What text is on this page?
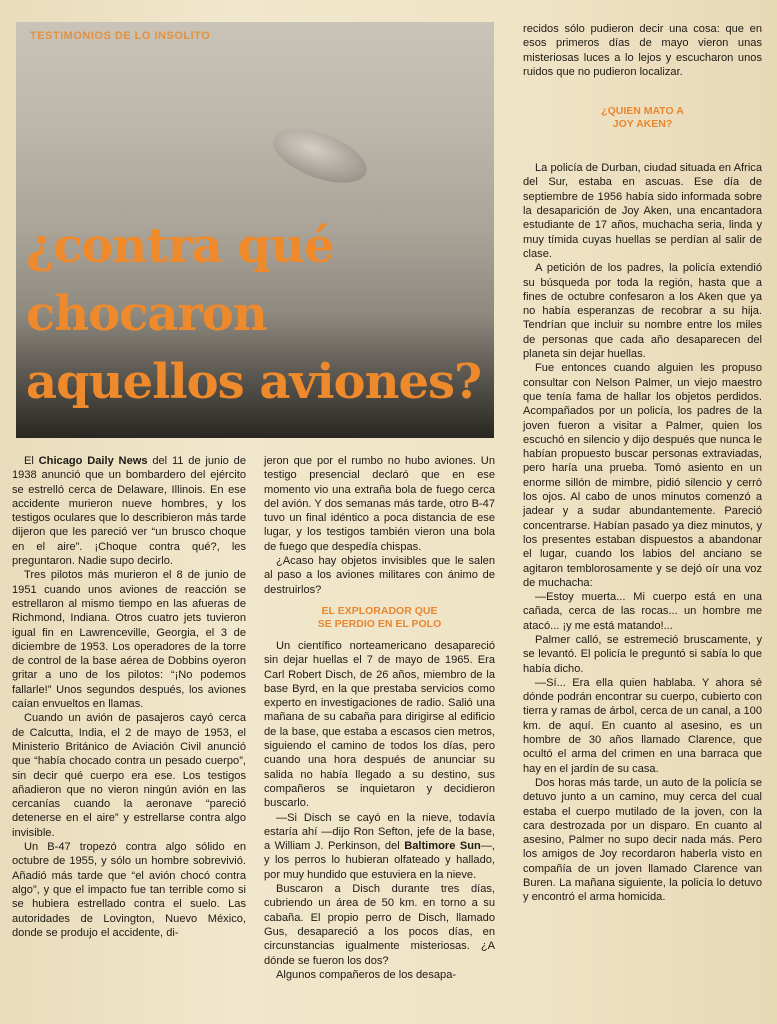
TESTIMONIOS DE LO INSOLITO
¿contra qué
chocaron
aquellos aviones?

El Chicago Daily News del 11 de junio de 1938 anunció que un bombardero del ejército se estrelló cerca de Delaware, Illinois. En ese accidente murieron nueve hombres, y los testigos oculares que lo describieron más tarde dijeron que les pareció ver “un brusco choque en el aire”. ¡Choque contra qué?, les preguntaron. Nadie supo decirlo.

Tres pilotos más murieron el 8 de junio de 1951 cuando unos aviones de reacción se estrellaron al mismo tiempo en las afueras de Richmond, Indiana. Otros cuatro jets tuvieron igual fin en Lawrenceville, Georgia, el 3 de diciembre de 1953. Los operadores de la torre de control de la base aérea de Dobbins oyeron gritar a uno de los pilotos: “¡No podemos fallarle!” Unos segundos después, los aviones caían envueltos en llamas.

Cuando un avión de pasajeros cayó cerca de Calcutta, India, el 2 de mayo de 1953, el Ministerio Británico de Aviación Civil anunció que “había chocado contra un pesado cuerpo”, sin decir qué cuerpo era ese. Los testigos añadieron que no vieron ningún avión en las cercanías cuando la aeronave “pareció detenerse en el aire” y estrellarse contra algo invisible.

Un B-47 tropezó contra algo sólido en octubre de 1955, y sólo un hombre sobrevivió. Añadió más tarde que “el avión chocó contra algo”, y que el impacto fue tan terrible como si se hubiera estrellado contra el suelo. Las autoridades de Lovington, Nuevo México, donde se produjo el accidente, di-

jeron que por el rumbo no hubo aviones. Un testigo presencial declaró que en ese momento vio una extraña bola de fuego cerca del avión. Y dos semanas más tarde, otro B-47 tuvo un final idéntico a poca distancia de ese lugar, y los testigos también vieron una bola de fuego que despedía chispas.

¿Acaso hay objetos invisibles que le salen al paso a los aviones militares con ánimo de destruirlos?

EL EXPLORADOR QUE
SE PERDIO EN EL POLO

Un científico norteamericano desapareció sin dejar huellas el 7 de mayo de 1965. Era Carl Robert Disch, de 26 años, miembro de la base Byrd, en la que prestaba servicios como experto en investigaciones de radio. Salió una mañana de su cabaña para dirigirse al edificio de la base, que estaba a escasos cien metros, siguiendo el camino de todos los días, pero cuando una hora después de anunciar su salida no había llegado a su destino, sus compañeros se inquietaron y decidieron buscarlo.

—Si Disch se cayó en la nieve, todavía estaría ahí —dijo Ron Sefton, jefe de la base, a William J. Perkinson, del Baltimore Sun—, y los perros lo hubieran olfateado y hallado, por muy hundido que estuviera en la nieve.

Buscaron a Disch durante tres días, cubriendo un área de 50 km. en torno a su cabaña. El propio perro de Disch, llamado Gus, desapareció a los pocos días, en circunstancias igualmente misteriosas. ¿A dónde se fueron los dos?

Algunos compañeros de los desapa-

recidos sólo pudieron decir una cosa: que en esos primeros días de mayo vieron unas misteriosas luces a lo lejos y escucharon unos ruidos que no pudieron localizar.

¿QUIEN MATO A
JOY AKEN?

La policía de Durban, ciudad situada en Africa del Sur, estaba en ascuas. Ese día de septiembre de 1956 había sido informada sobre la desaparición de Joy Aken, una encantadora estudiante de 17 años, muchacha seria, linda y muy tímida cuyas huellas se perdían al salir de clase.

A petición de los padres, la policía extendió su búsqueda por toda la región, hasta que a fines de octubre confesaron a los Aken que ya no había esperanzas de recobrar a su hija. Tendrían que incluir su nombre entre los miles de personas que cada año desaparecen del planeta sin dejar huellas.

Fue entonces cuando alguien les propuso consultar con Nelson Palmer, un viejo maestro que tenía fama de hallar los objetos perdidos. Acompañados por un policía, los padres de la joven fueron a visitar a Palmer, quien los escuchó en silencio y dijo después que nunca le habían propuesto buscar personas extraviadas, pero haría una prueba. Tomó asiento en un enorme sillón de mimbre, pidió silencio y cerró los ojos. Al cabo de unos minutos comenzó a jadear y a sudar abundantemente. Pareció concentrarse. Habían pasado ya diez minutos, y los presentes estaban dispuestos a abandonar el lugar, cuando los labios del anciano se agitaron temblorosamente y se dejó oír una voz de muchacha:

—Estoy muerta... Mi cuerpo está en una cañada, cerca de las rocas... un hombre me atacó... ¡y me está matando!...

Palmer calló, se estremeció bruscamente, y se levantó. El policía le preguntó si sabía lo que había dicho.

—Sí... Era ella quien hablaba. Y ahora sé dónde podrán encontrar su cuerpo, cubierto con tierra y ramas de árbol, cerca de un canal, a 100 km. de aquí. En cuanto al asesino, es un hombre de 30 años llamado Clarence, que ocultó el arma del crimen en una barraca que hay en el jardín de su casa.

Dos horas más tarde, un auto de la policía se detuvo junto a un camino, muy cerca del cual estaba el cuerpo mutilado de la joven, con la cara destrozada por un disparo. En cuanto al asesino, Palmer no supo decir nada más. Pero los amigos de Joy recordaron haberla visto en compañía de un joven llamado Clarence van Buren. La mañana siguiente, la policía lo detuvo y encontró el arma homicida.
